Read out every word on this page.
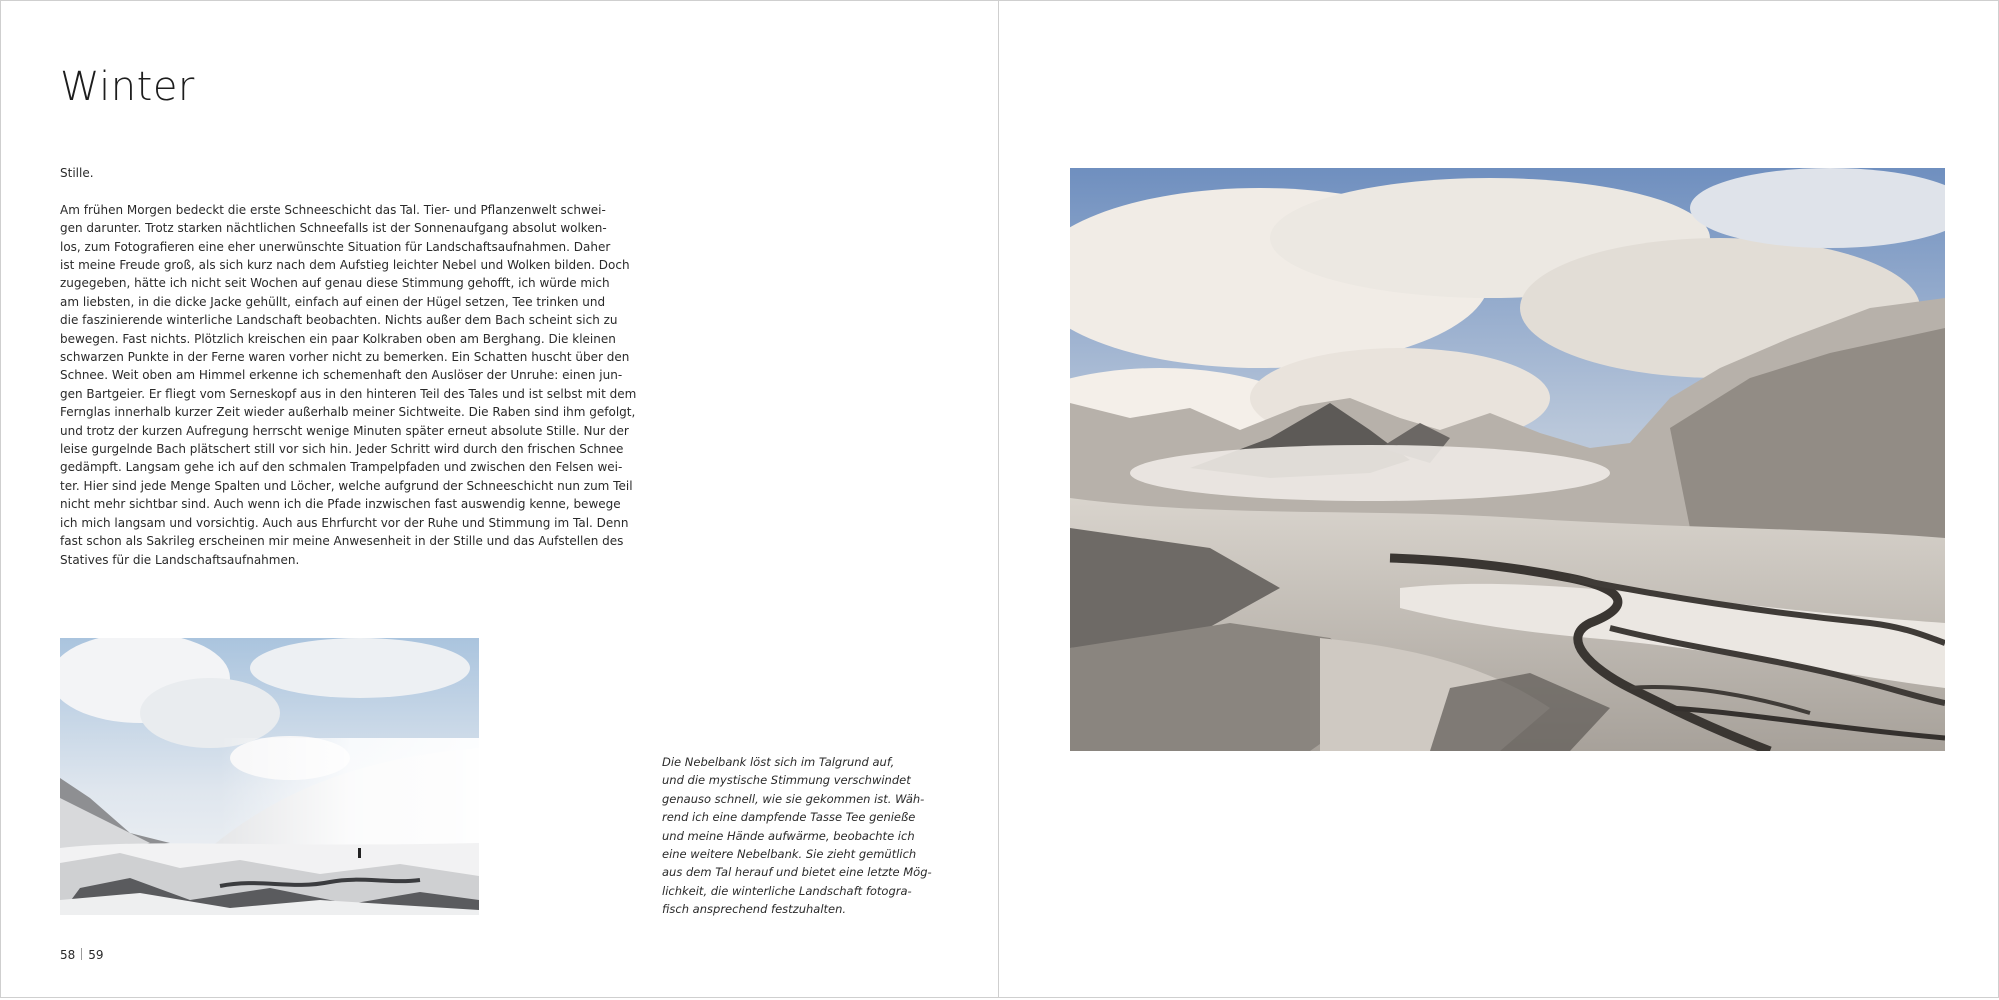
Winter

Stille.

Am frühen Morgen bedeckt die erste Schneeschicht das Tal. Tier- und Pflanzenwelt schwei-
gen darunter. Trotz starken nächtlichen Schneefalls ist der Sonnenaufgang absolut wolken-
los, zum Fotografieren eine eher unerwünschte Situation für Landschaftsaufnahmen. Daher
ist meine Freude groß, als sich kurz nach dem Aufstieg leichter Nebel und Wolken bilden. Doch
zugegeben, hätte ich nicht seit Wochen auf genau diese Stimmung gehofft, ich würde mich
am liebsten, in die dicke Jacke gehüllt, einfach auf einen der Hügel setzen, Tee trinken und
die faszinierende winterliche Landschaft beobachten. Nichts außer dem Bach scheint sich zu
bewegen. Fast nichts. Plötzlich kreischen ein paar Kolkraben oben am Berghang. Die kleinen
schwarzen Punkte in der Ferne waren vorher nicht zu bemerken. Ein Schatten huscht über den
Schnee. Weit oben am Himmel erkenne ich schemenhaft den Auslöser der Unruhe: einen jun-
gen Bartgeier. Er fliegt vom Serneskopf aus in den hinteren Teil des Tales und ist selbst mit dem
Fernglas innerhalb kurzer Zeit wieder außerhalb meiner Sichtweite. Die Raben sind ihm gefolgt,
und trotz der kurzen Aufregung herrscht wenige Minuten später erneut absolute Stille. Nur der
leise gurgelnde Bach plätschert still vor sich hin. Jeder Schritt wird durch den frischen Schnee
gedämpft. Langsam gehe ich auf den schmalen Trampelpfaden und zwischen den Felsen wei-
ter. Hier sind jede Menge Spalten und Löcher, welche aufgrund der Schneeschicht nun zum Teil
nicht mehr sichtbar sind. Auch wenn ich die Pfade inzwischen fast auswendig kenne, bewege
ich mich langsam und vorsichtig. Auch aus Ehrfurcht vor der Ruhe und Stimmung im Tal. Denn
fast schon als Sakrileg erscheinen mir meine Anwesenheit in der Stille und das Aufstellen des
Statives für die Landschaftsaufnahmen.

Die Nebelbank löst sich im Talgrund auf,
und die mystische Stimmung verschwindet
genauso schnell, wie sie gekommen ist. Wäh-
rend ich eine dampfende Tasse Tee genieße
und meine Hände aufwärme, beobachte ich
eine weitere Nebelbank. Sie zieht gemütlich
aus dem Tal herauf und bietet eine letzte Mög-
lichkeit, die winterliche Landschaft fotogra-
fisch ansprechend festzuhalten.
58 59
